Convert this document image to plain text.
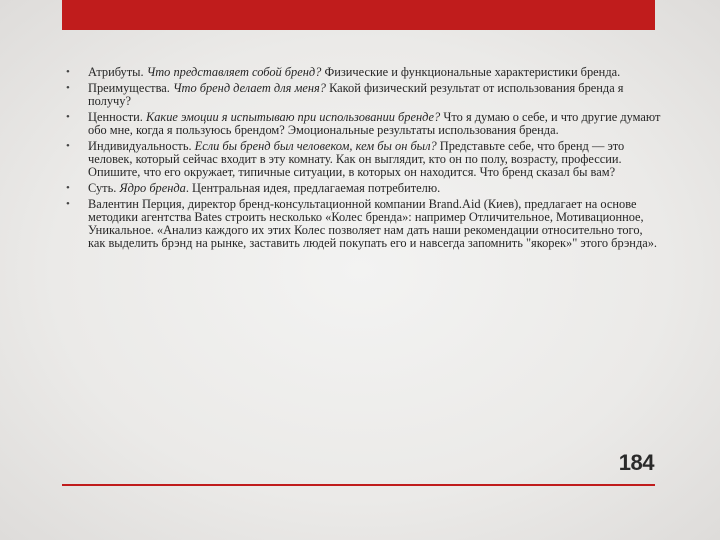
• Атрибуты. Что представляет собой бренд? Физические и функциональные характеристики бренда.
• Преимущества. Что бренд делает для меня? Какой физический результат от использования бренда я получу?
• Ценности. Какие эмоции я испытываю при использовании бренде? Что я думаю о себе, и что другие думают обо мне, когда я пользуюсь брендом? Эмоциональные результаты использования бренда.
• Индивидуальность. Если бы бренд был человеком, кем бы он был? Представьте себе, что бренд — это человек, который сейчас входит в эту комнату. Как он выглядит, кто он по полу, возрасту, профессии. Опишите, что его окружает, типичные ситуации, в которых он находится. Что бренд сказал бы вам?
• Суть. Ядро бренда. Центральная идея, предлагаемая потребителю.
• Валентин Перция, директор бренд-консультационной компании Brand.Aid (Киев), предлагает на основе методики агентства Bates строить несколько «Колес бренда»: например Отличительное, Мотивационное, Уникальное. «Анализ каждого их этих Колес позволяет нам дать наши рекомендации относительно того, как выделить брэнд на рынке, заставить людей покупать его и навсегда запомнить "якорек»" этого брэнда».
184
